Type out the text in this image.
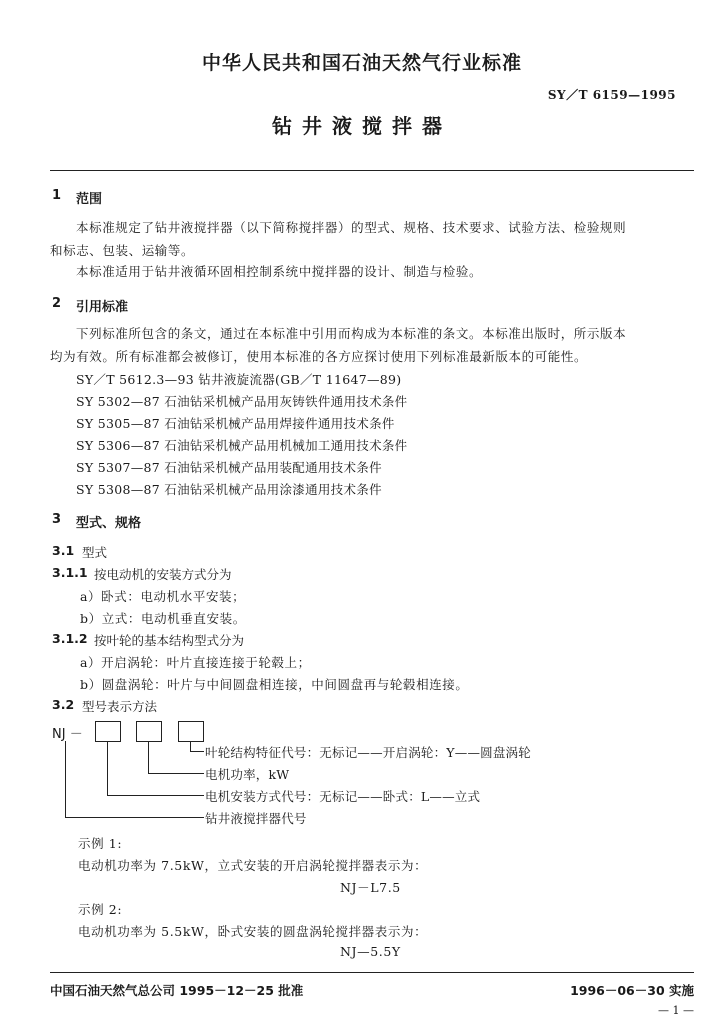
中华人民共和国石油天然气行业标准
SY／T 6159—1995
钻井液搅拌器
1 范围
本标准规定了钻井液搅拌器（以下简称搅拌器）的型式、规格、技术要求、试验方法、检验规则
和标志、包装、运输等。
本标准适用于钻井液循环固相控制系统中搅拌器的设计、制造与检验。
2 引用标准
下列标准所包含的条文，通过在本标准中引用而构成为本标准的条文。本标准出版时，所示版本
均为有效。所有标准都会被修订，使用本标准的各方应探讨使用下列标准最新版本的可能性。
SY／T 5612.3—93 钻井液旋流器(GB／T 11647—89)
SY 5302—87 石油钻采机械产品用灰铸铁件通用技术条件
SY 5305—87 石油钻采机械产品用焊接件通用技术条件
SY 5306—87 石油钻采机械产品用机械加工通用技术条件
SY 5307—87 石油钻采机械产品用装配通用技术条件
SY 5308—87 石油钻采机械产品用涂漆通用技术条件
3 型式、规格
3.1 型式
3.1.1 按电动机的安装方式分为
a）卧式：电动机水平安装；
b）立式：电动机垂直安装。
3.1.2 按叶轮的基本结构型式分为
a）开启涡轮：叶片直接连接于轮毂上；
b）圆盘涡轮：叶片与中间圆盘相连接，中间圆盘再与轮毂相连接。
3.2 型号表示方法
NJ －
叶轮结构特征代号：无标记——开启涡轮：Y——圆盘涡轮
电机功率，kW
电机安装方式代号：无标记——卧式：L——立式
钻井液搅拌器代号
示例 1:
电动机功率为 7.5kW，立式安装的开启涡轮搅拌器表示为：
NJ－L7.5
示例 2:
电动机功率为 5.5kW，卧式安装的圆盘涡轮搅拌器表示为：
NJ—5.5Y
中国石油天然气总公司 1995－12－25 批准	1996－06－30 实施
— 1 —
